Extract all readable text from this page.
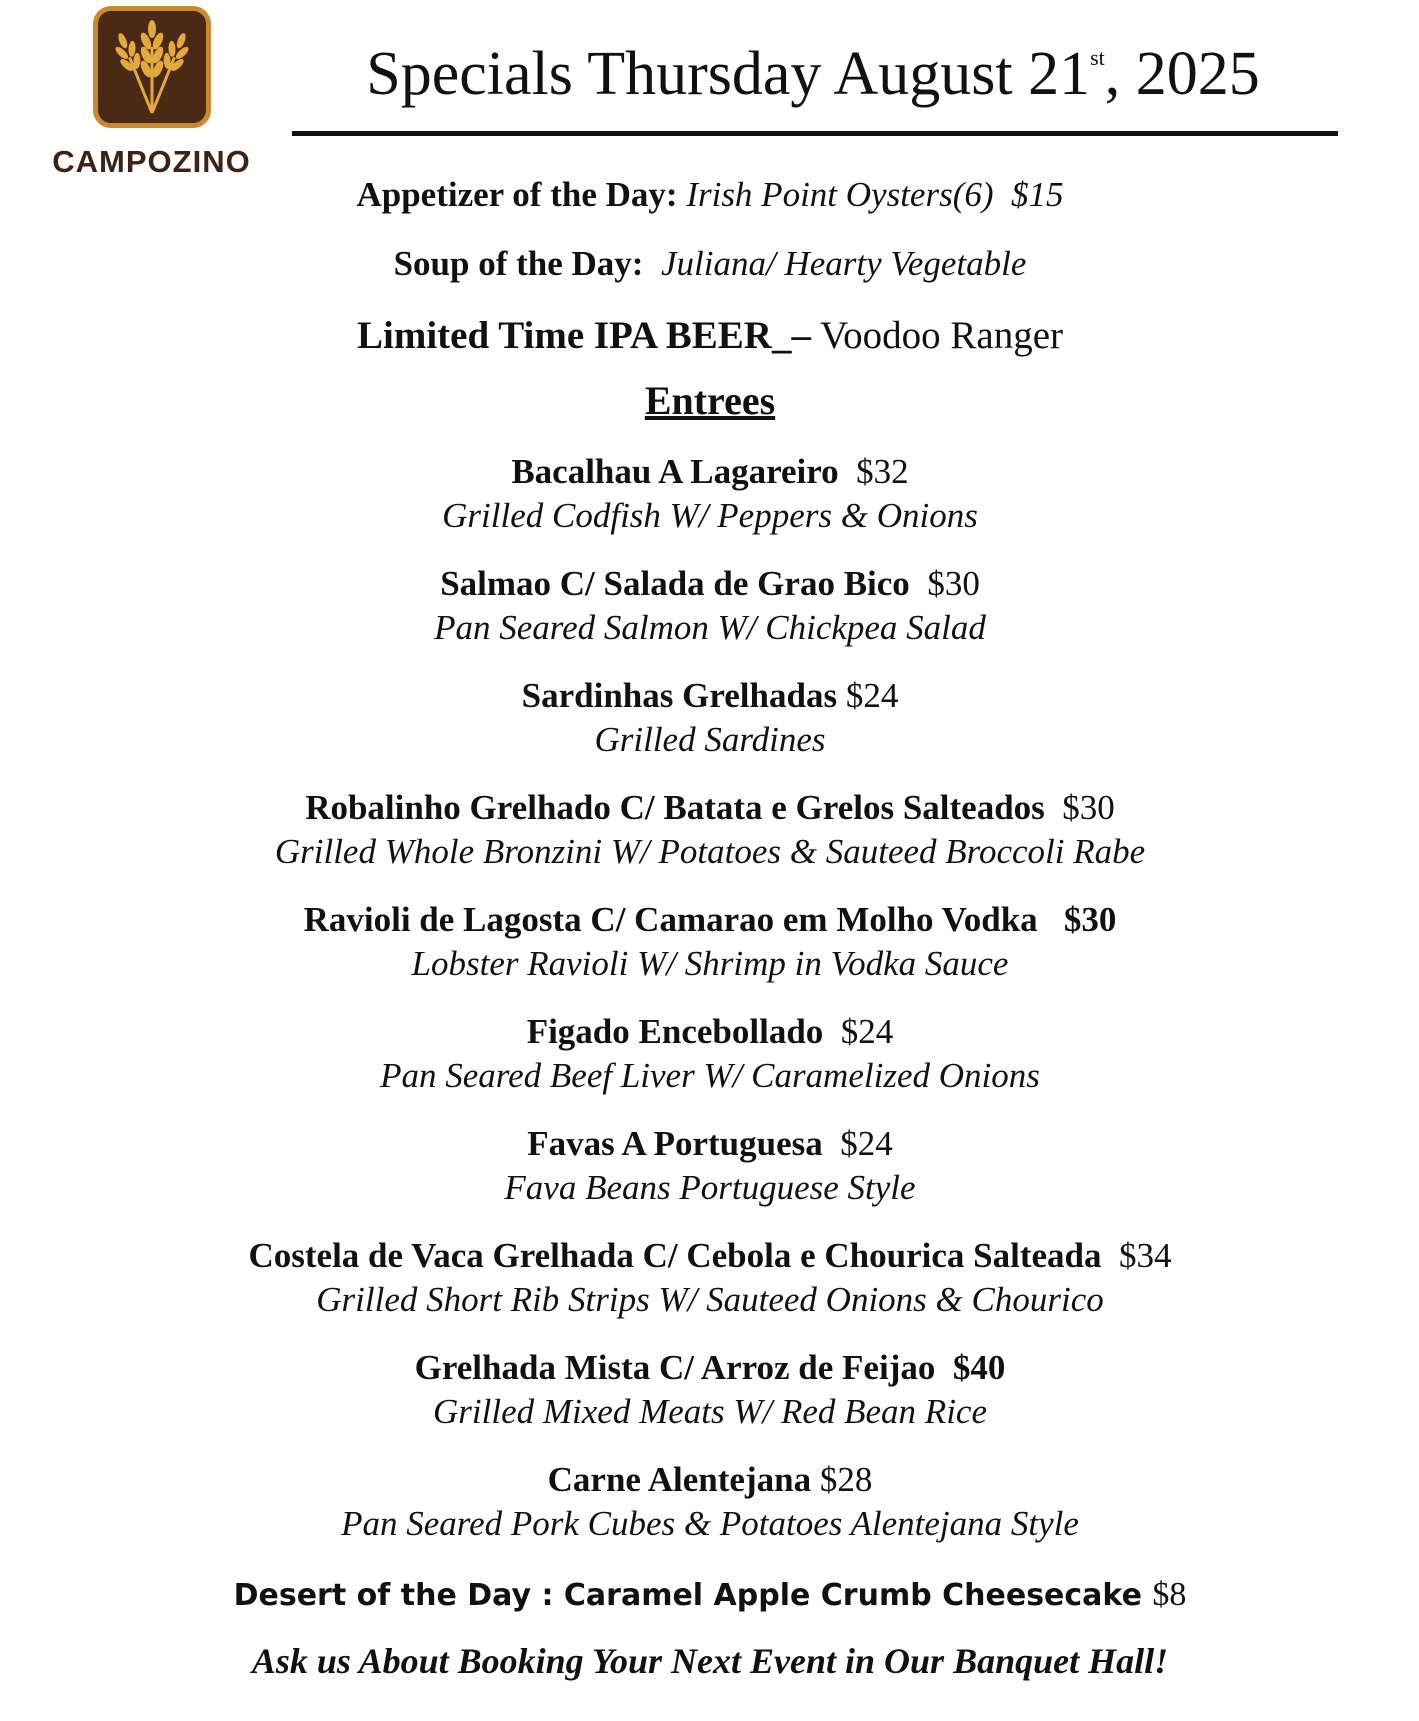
CAMPOZINO
Specials Thursday August 21st, 2025
Appetizer of the Day: Irish Point Oysters(6) $15
Soup of the Day: Juliana/ Hearty Vegetable
Limited Time IPA BEER_– Voodoo Ranger
Entrees
Bacalhau A Lagareiro $32
Grilled Codfish W/ Peppers & Onions
Salmao C/ Salada de Grao Bico $30
Pan Seared Salmon W/ Chickpea Salad
Sardinhas Grelhadas $24
Grilled Sardines
Robalinho Grelhado C/ Batata e Grelos Salteados $30
Grilled Whole Bronzini W/ Potatoes & Sauteed Broccoli Rabe
Ravioli de Lagosta C/ Camarao em Molho Vodka $30
Lobster Ravioli W/ Shrimp in Vodka Sauce
Figado Encebollado $24
Pan Seared Beef Liver W/ Caramelized Onions
Favas A Portuguesa $24
Fava Beans Portuguese Style
Costela de Vaca Grelhada C/ Cebola e Chourica Salteada $34
Grilled Short Rib Strips W/ Sauteed Onions & Chourico
Grelhada Mista C/ Arroz de Feijao $40
Grilled Mixed Meats W/ Red Bean Rice
Carne Alentejana $28
Pan Seared Pork Cubes & Potatoes Alentejana Style
Desert of the Day : Caramel Apple Crumb Cheesecake $8
Ask us About Booking Your Next Event in Our Banquet Hall!
